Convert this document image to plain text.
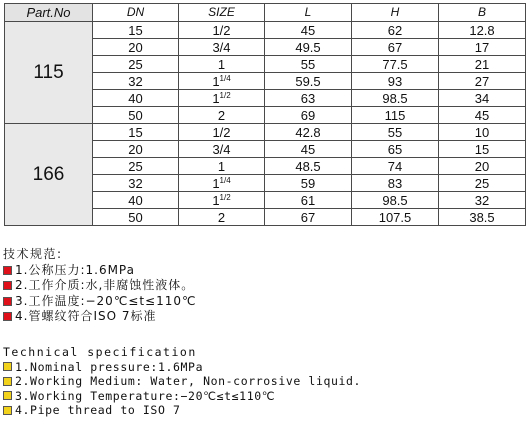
Part.No	DN	SIZE	L	H	B
115	15	1/2	45	62	12.8
	20	3/4	49.5	67	17
	25	1	55	77.5	21
	32	$1^{1/4}$	59.5	93	27
	40	$1^{1/2}$	63	98.5	34
	50	2	69	115	45
166	15	1/2	42.8	55	10
	20	3/4	45	65	15
	25	1	48.5	74	20
	32	$1^{1/4}$	59	83	25
	40	$1^{1/2}$	61	98.5	32
	50	2	67	107.5	38.5
技术规范:
1.公称压力:1.6MPa
2.工作介质:水,非腐蚀性液体。
3.工作温度:−20℃≤t≤110℃
4.管螺纹符合ISO 7标准
Technical specification
1.Nominal pressure:1.6MPa
2.Working Medium: Water, Non-corrosive liquid.
3.Working Temperature:−20℃≤t≤110℃
4.Pipe thread to ISO 7
